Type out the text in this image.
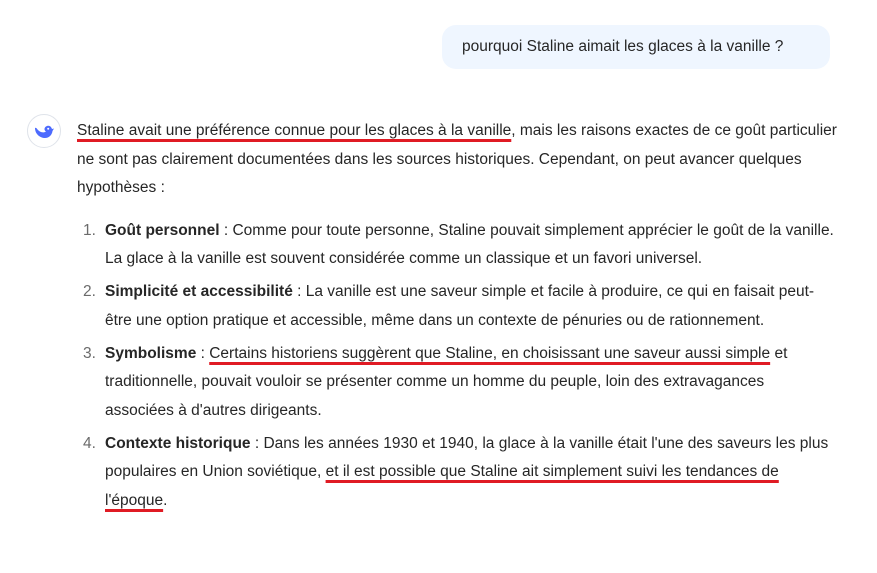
pourquoi Staline aimait les glaces à la vanille ?

Staline avait une préférence connue pour les glaces à la vanille, mais les raisons exactes de ce goût particulier ne sont pas clairement documentées dans les sources historiques. Cependant, on peut avancer quelques hypothèses :

1. Goût personnel : Comme pour toute personne, Staline pouvait simplement apprécier le goût de la vanille. La glace à la vanille est souvent considérée comme un classique et un favori universel.
2. Simplicité et accessibilité : La vanille est une saveur simple et facile à produire, ce qui en faisait peut-être une option pratique et accessible, même dans un contexte de pénuries ou de rationnement.
3. Symbolisme : Certains historiens suggèrent que Staline, en choisissant une saveur aussi simple et traditionnelle, pouvait vouloir se présenter comme un homme du peuple, loin des extravagances associées à d'autres dirigeants.
4. Contexte historique : Dans les années 1930 et 1940, la glace à la vanille était l'une des saveurs les plus populaires en Union soviétique, et il est possible que Staline ait simplement suivi les tendances de l'époque.
